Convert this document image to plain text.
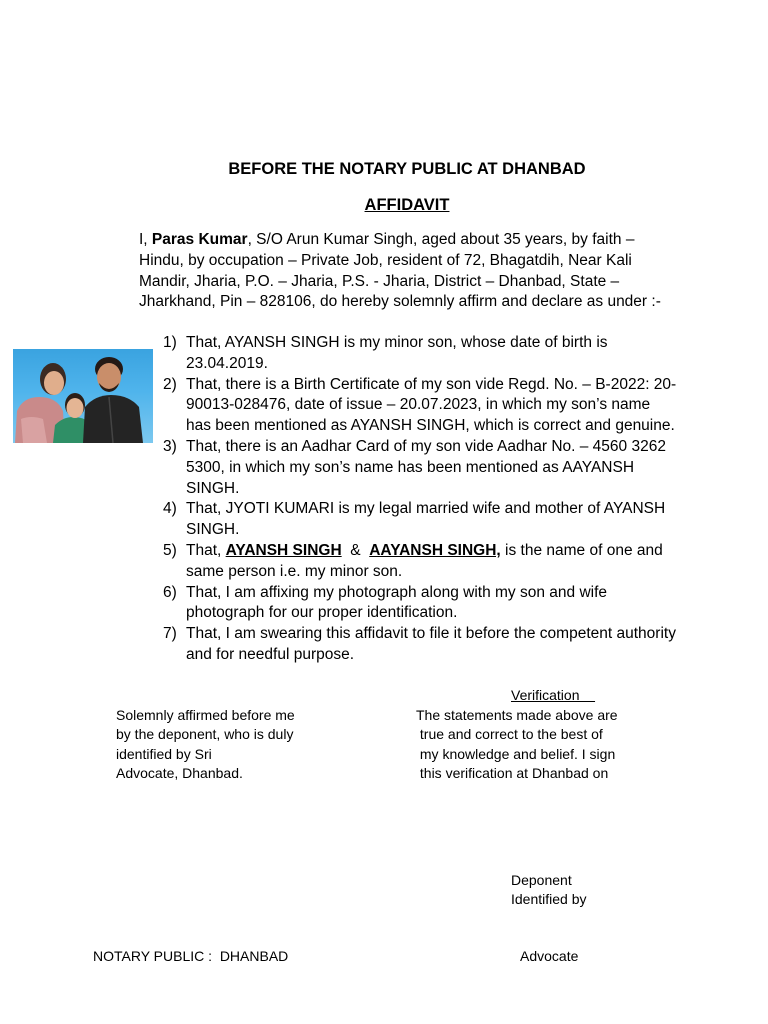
BEFORE THE NOTARY PUBLIC AT DHANBAD
AFFIDAVIT
I, Paras Kumar, S/O Arun Kumar Singh, aged about 35 years, by faith – Hindu, by occupation – Private Job, resident of 72, Bhagatdih, Near Kali Mandir, Jharia, P.O. – Jharia, P.S. - Jharia, District – Dhanbad, State – Jharkhand, Pin – 828106, do hereby solemnly affirm and declare as under :-
1) That, AYANSH SINGH is my minor son, whose date of birth is 23.04.2019.
2) That, there is a Birth Certificate of my son vide Regd. No. – B-2022: 20-90013-028476, date of issue – 20.07.2023, in which my son’s name has been mentioned as AYANSH SINGH, which is correct and genuine.
3) That, there is an Aadhar Card of my son vide Aadhar No. – 4560 3262 5300, in which my son’s name has been mentioned as AAYANSH SINGH.
4) That, JYOTI KUMARI is my legal married wife and mother of AYANSH SINGH.
5) That, AYANSH SINGH  &  AAYANSH SINGH, is the name of one and same person i.e. my minor son.
6) That, I am affixing my photograph along with my son and wife photograph for our proper identification.
7) That, I am swearing this affidavit to file it before the competent authority and for needful purpose.
Verification
Solemnly affirmed before me
by the deponent, who is duly
identified by Sri
Advocate, Dhanbad.
The statements made above are
true and correct to the best of
my knowledge and belief. I sign
this verification at Dhanbad on
Deponent
Identified by
NOTARY PUBLIC :  DHANBAD	Advocate
